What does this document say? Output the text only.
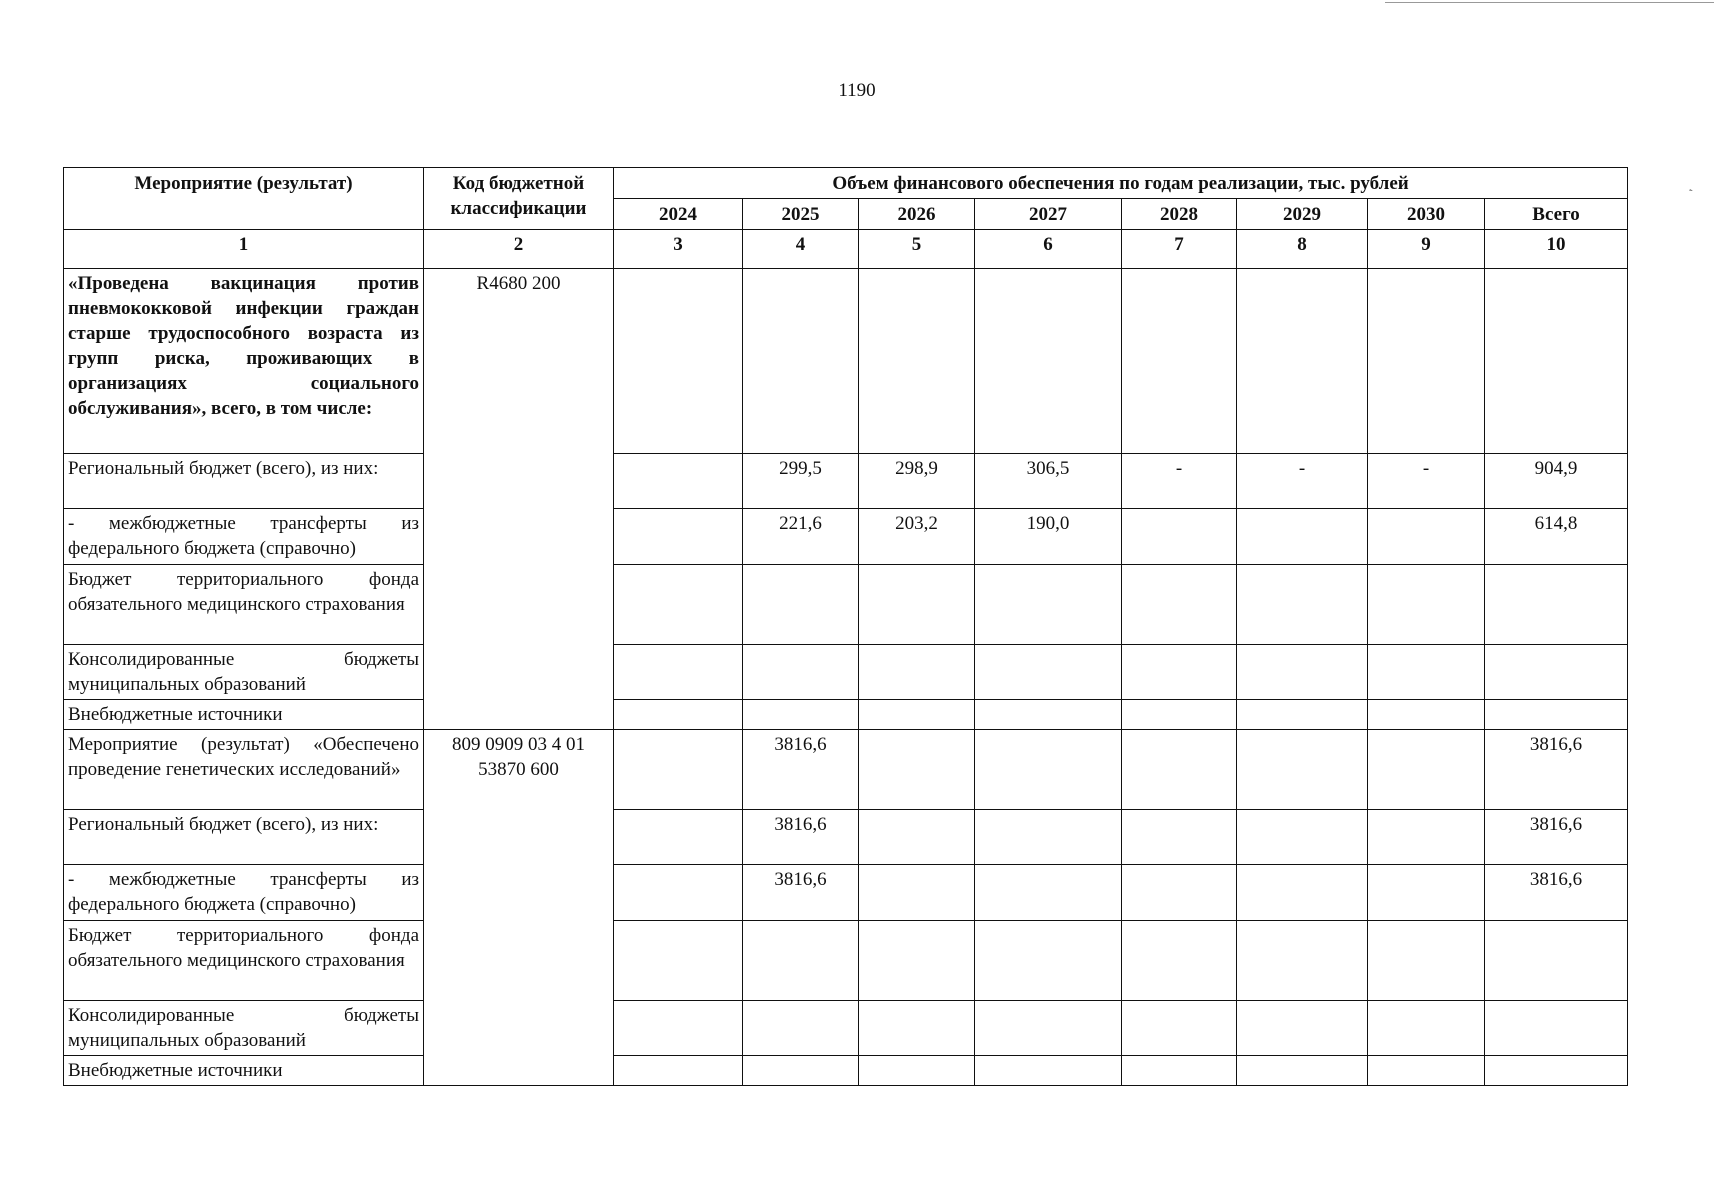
ˏ
1190
Мероприятие (результат)	Код бюджетной классификации	Объем финансового обеспечения по годам реализации, тыс. рублей							
		2024	2025	2026	2027	2028	2029	2030	Всего
1	2	3	4	5	6	7	8	9	10
«Проведена вакцинация против пневмококковой инфекции граждан старше трудоспособного возраста из групп риска, проживающих в организациях социального обслуживания», всего, в том числе:	R4680 200								
Региональный бюджет (всего), из них:			299,5	298,9	306,5	-	-	-	904,9
- межбюджетные трансферты из федерального бюджета (справочно)			221,6	203,2	190,0				614,8
Бюджет территориального фонда обязательного медицинского страхования									
Консолидированные бюджеты муниципальных образований									
Внебюджетные источники									
Мероприятие (результат) «Обеспечено проведение генетических исследований»	809 0909 03 4 01 53870 600		3816,6						3816,6
Региональный бюджет (всего), из них:			3816,6						3816,6
- межбюджетные трансферты из федерального бюджета (справочно)			3816,6						3816,6
Бюджет территориального фонда обязательного медицинского страхования									
Консолидированные бюджеты муниципальных образований									
Внебюджетные источники									
